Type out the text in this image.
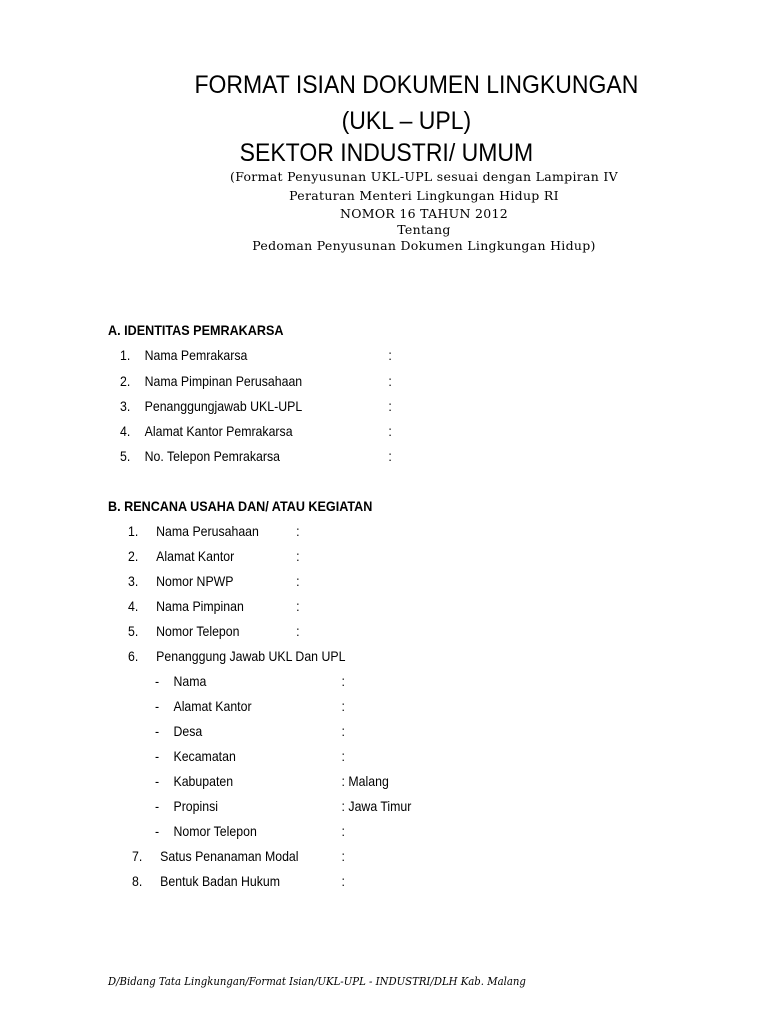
FORMAT ISIAN DOKUMEN LINGKUNGAN
(UKL – UPL)
SEKTOR INDUSTRI/ UMUM
(Format Penyusunan UKL-UPL sesuai dengan Lampiran IV
Peraturan Menteri Lingkungan Hidup RI
NOMOR 16 TAHUN 2012
Tentang
Pedoman Penyusunan Dokumen Lingkungan Hidup)
A. IDENTITAS PEMRAKARSA
1. Nama Pemrakarsa	:
2. Nama Pimpinan Perusahaan	:
3. Penanggungjawab UKL-UPL	:
4. Alamat Kantor Pemrakarsa	:
5. No. Telepon Pemrakarsa	:
B. RENCANA USAHA DAN/ ATAU KEGIATAN
1. Nama Perusahaan	:
2. Alamat Kantor	:
3. Nomor NPWP	:
4. Nama Pimpinan	:
5. Nomor Telepon	:
6. Penanggung Jawab UKL Dan UPL
- Nama	:
- Alamat Kantor	:
- Desa	:
- Kecamatan	:
- Kabupaten	: Malang
- Propinsi	: Jawa Timur
- Nomor Telepon	:
7. Satus Penanaman Modal	:
8. Bentuk Badan Hukum	:
D/Bidang Tata Lingkungan/Format Isian/UKL-UPL - INDUSTRI/DLH Kab. Malang
